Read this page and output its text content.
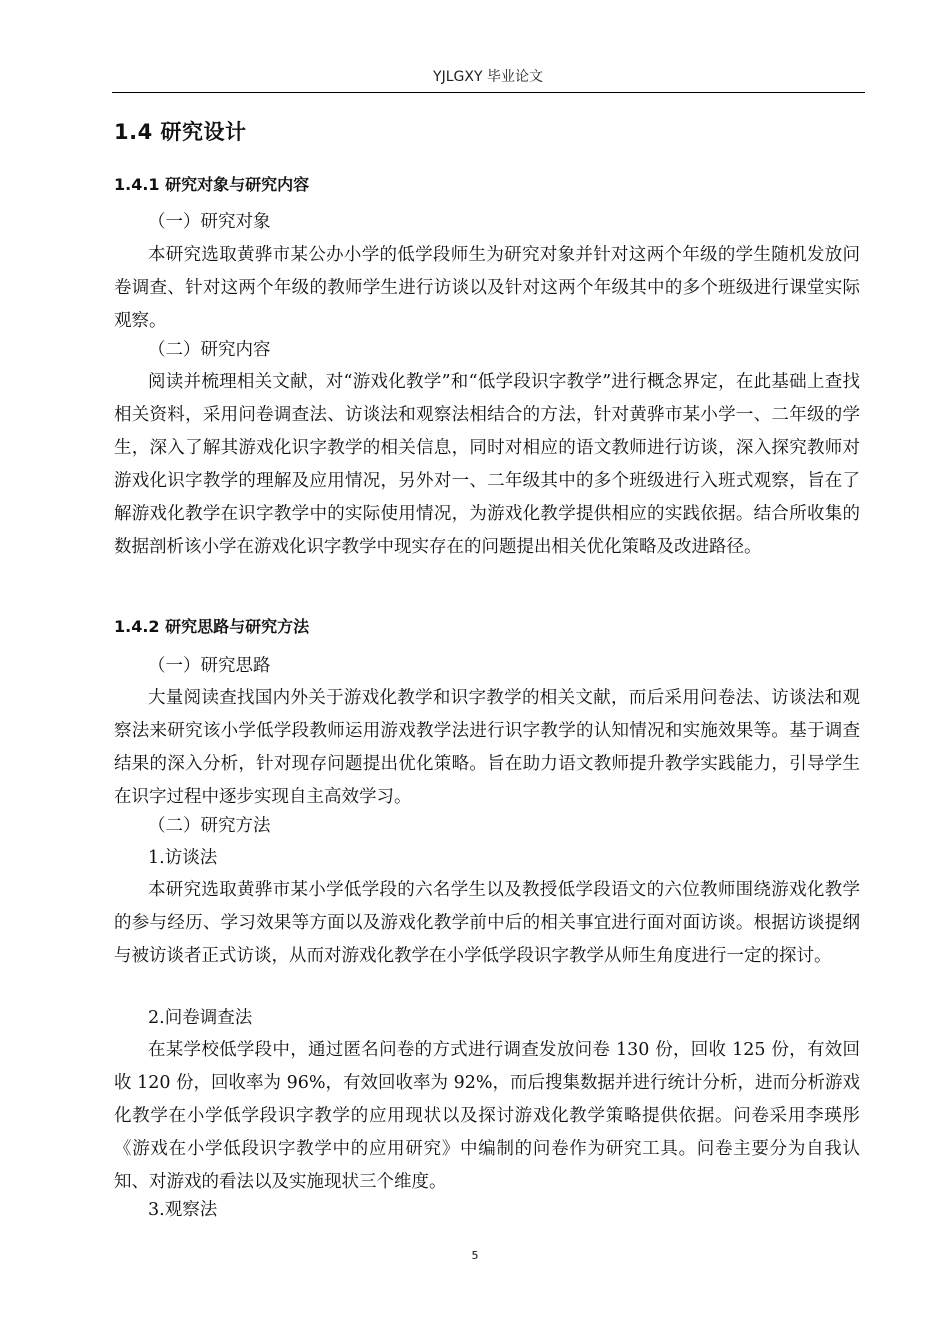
YJLGXY 毕业论文
1.4 研究设计
1.4.1 研究对象与研究内容
（一）研究对象

本研究选取黄骅市某公办小学的低学段师生为研究对象并针对这两个年级的学生随机发放问卷调查、针对这两个年级的教师学生进行访谈以及针对这两个年级其中的多个班级进行课堂实际观察。

（二）研究内容

阅读并梳理相关文献，对“游戏化教学”和“低学段识字教学”进行概念界定，在此基础上查找相关资料，采用问卷调查法、访谈法和观察法相结合的方法，针对黄骅市某小学一、二年级的学生，深入了解其游戏化识字教学的相关信息，同时对相应的语文教师进行访谈，深入探究教师对游戏化识字教学的理解及应用情况，另外对一、二年级其中的多个班级进行入班式观察，旨在了解游戏化教学在识字教学中的实际使用情况，为游戏化教学提供相应的实践依据。结合所收集的数据剖析该小学在游戏化识字教学中现实存在的问题提出相关优化策略及改进路径。

1.4.2 研究思路与研究方法
（一）研究思路

大量阅读查找国内外关于游戏化教学和识字教学的相关文献，而后采用问卷法、访谈法和观察法来研究该小学低学段教师运用游戏教学法进行识字教学的认知情况和实施效果等。基于调查结果的深入分析，针对现存问题提出优化策略。旨在助力语文教师提升教学实践能力，引导学生在识字过程中逐步实现自主高效学习。

（二）研究方法
1.访谈法

本研究选取黄骅市某小学低学段的六名学生以及教授低学段语文的六位教师围绕游戏化教学的参与经历、学习效果等方面以及游戏化教学前中后的相关事宜进行面对面访谈。根据访谈提纲与被访谈者正式访谈，从而对游戏化教学在小学低学段识字教学从师生角度进行一定的探讨。

2.问卷调查法

在某学校低学段中，通过匿名问卷的方式进行调查发放问卷 130 份，回收 125 份，有效回收 120 份，回收率为 96%，有效回收率为 92%，而后搜集数据并进行统计分析，进而分析游戏化教学在小学低学段识字教学的应用现状以及探讨游戏化教学策略提供依据。问卷采用李瑛彤《游戏在小学低段识字教学中的应用研究》中编制的问卷作为研究工具。问卷主要分为自我认知、对游戏的看法以及实施现状三个维度。

3.观察法
5
